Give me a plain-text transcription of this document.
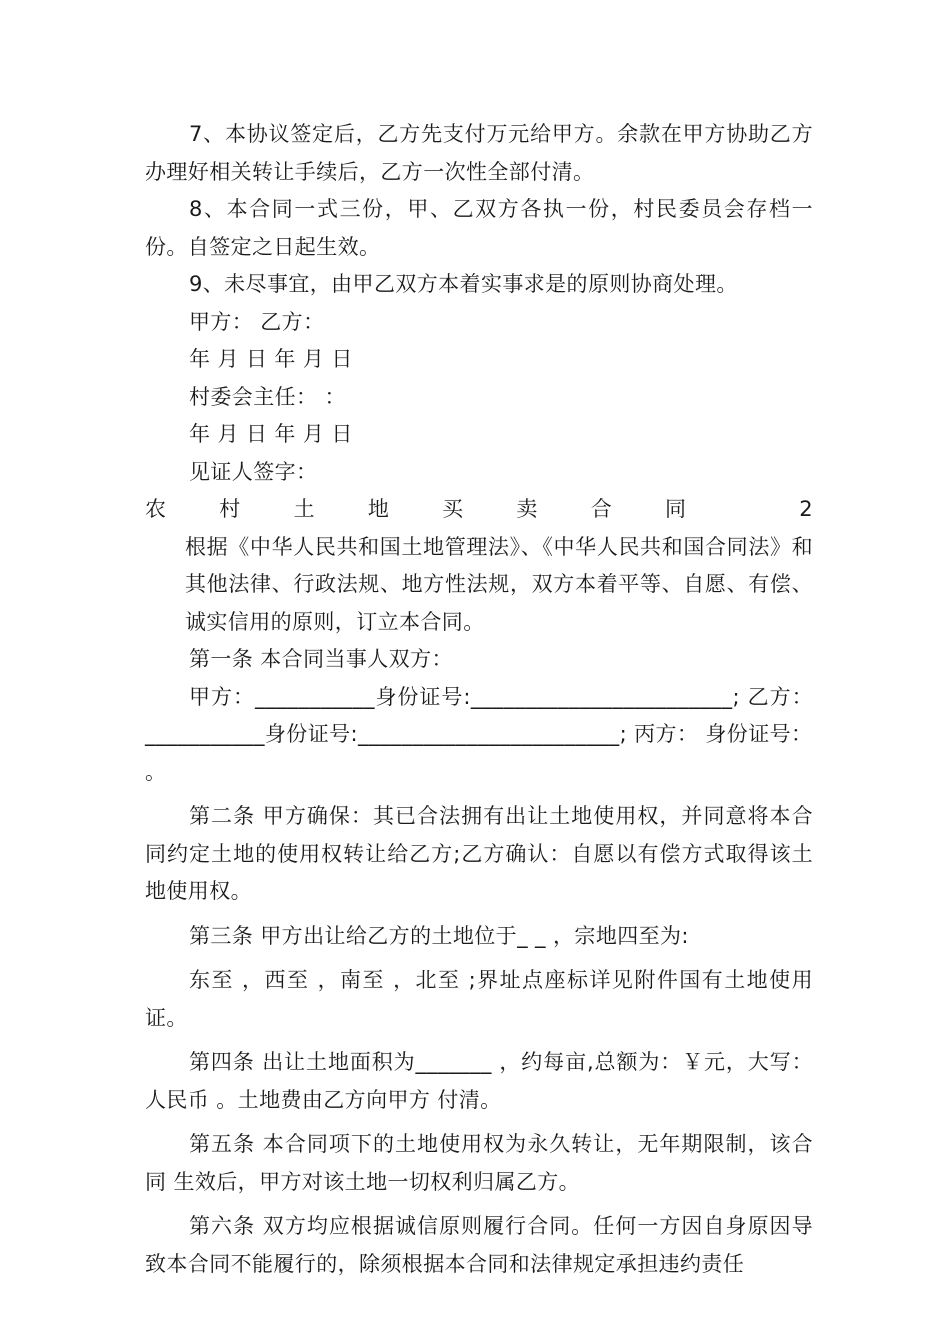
7、本协议签定后，乙方先支付万元给甲方。余款在甲方协助乙方办理好相关转让手续后，乙方一次性全部付清。

8、本合同一式三份，甲、乙双方各执一份，村民委员会存档一份。自签定之日起生效。

9、未尽事宜，由甲乙双方本着实事求是的原则协商处理。

甲方： 乙方：

年 月 日 年 月 日

村委会主任： ：

年 月 日 年 月 日

见证人签字：

农村土地买卖合同 2根据《中华人民共和国土地管理法》、《中华人民共和国合同法》和其他法律、行政法规、地方性法规，双方本着平等、自愿、有偿、诚实信用的原则，订立本合同。

第一条 本合同当事人双方：

甲方：___________身份证号:________________________; 乙方：___________身份证号:________________________; 丙方： 身份证号：

。

第二条 甲方确保：其已合法拥有出让土地使用权，并同意将本合同约定土地的使用权转让给乙方;乙方确认：自愿以有偿方式取得该土地使用权。

第三条 甲方出让给乙方的土地位于_ _ ，宗地四至为:

东至 ，西至 ，南至 ，北至 ;界址点座标详见附件国有土地使用证。

第四条 出让土地面积为_______ ，约每亩,总额为：￥元，大写：人民币 。土地费由乙方向甲方 付清。

第五条 本合同项下的土地使用权为永久转让，无年期限制，该合同 生效后，甲方对该土地一切权利归属乙方。

第六条 双方均应根据诚信原则履行合同。任何一方因自身原因导致本合同不能履行的，除须根据本合同和法律规定承担违约责任
